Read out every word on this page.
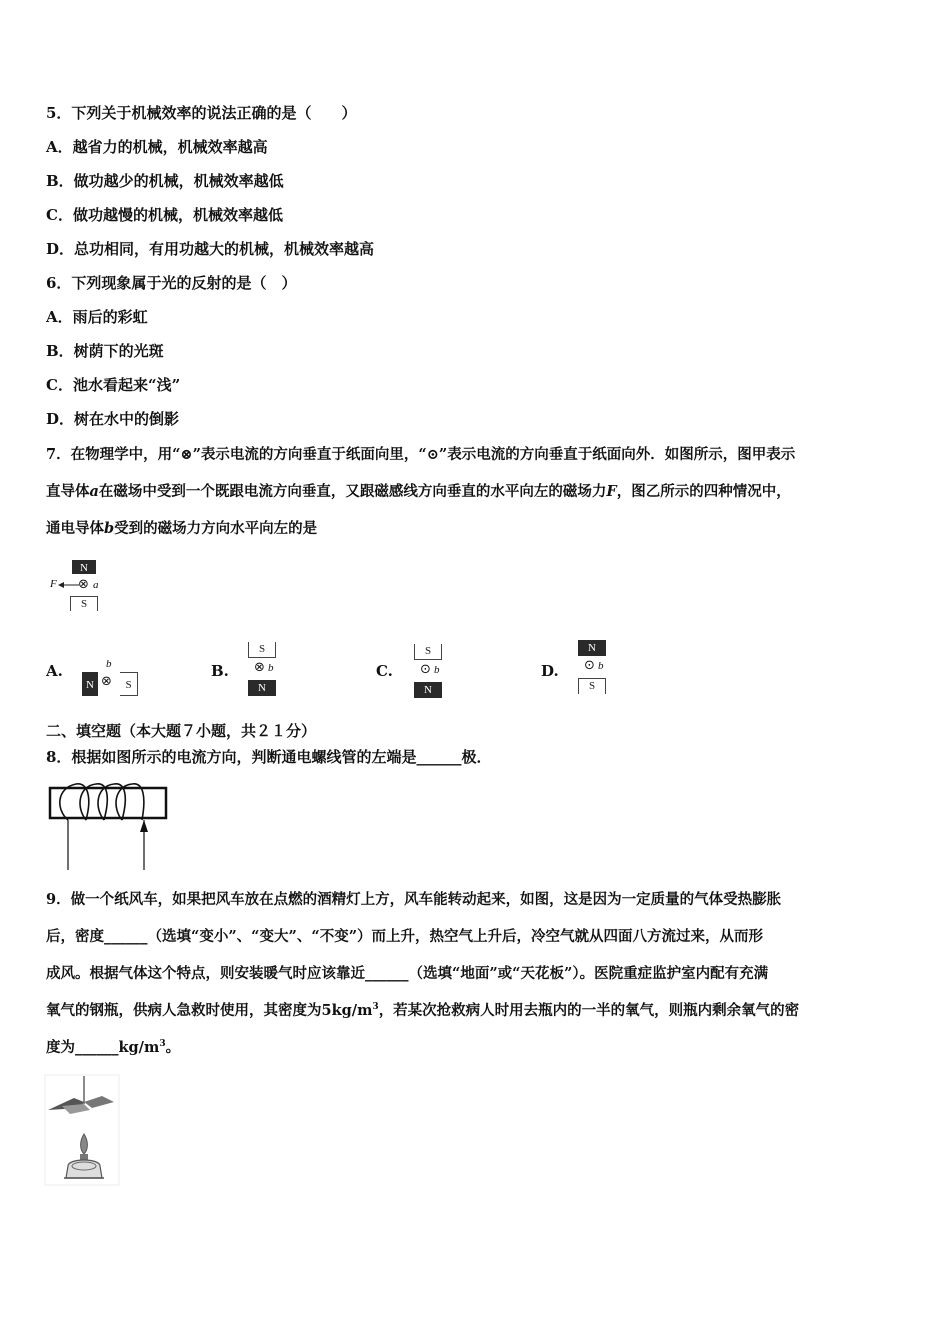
5．下列关于机械效率的说法正确的是（　　）
A．越省力的机械，机械效率越高
B．做功越少的机械，机械效率越低
C．做功越慢的机械，机械效率越低
D．总功相同，有用功越大的机械，机械效率越高
6．下列现象属于光的反射的是（　）
A．雨后的彩虹
B．树荫下的光斑
C．池水看起来“浅”
D．树在水中的倒影
7．在物理学中，用“⊗”表示电流的方向垂直于纸面向里，“⊙”表示电流的方向垂直于纸面向外．如图所示，图甲表示
直导体a在磁场中受到一个既跟电流方向垂直，又跟磁感线方向垂直的水平向左的磁场力F，图乙所示的四种情况中，
通电导体b受到的磁场力方向水平向左的是
N
F ⊗ a
S
A.
N
b
⊗	S
B.
S
⊗ b
N
C.
S
⊙ b
N
D.
N
⊙ b
S
二、填空题（本大题７小题，共２１分）
8．根据如图所示的电流方向，判断通电螺线管的左端是______极．
9．做一个纸风车，如果把风车放在点燃的酒精灯上方，风车能转动起来，如图，这是因为一定质量的气体受热膨胀
后，密度______（选填“变小”、“变大”、“不变”）而上升，热空气上升后，冷空气就从四面八方流过来，从而形
成风。根据气体这个特点，则安装暖气时应该靠近______（选填“地面”或“天花板”）。医院重症监护室内配有充满
氧气的钢瓶，供病人急救时使用，其密度为$5kg/m^3$，若某次抢救病人时用去瓶内的一半的氧气，则瓶内剩余氧气的密
度为$\_\_\_\_\_\_kg/m^3$。
